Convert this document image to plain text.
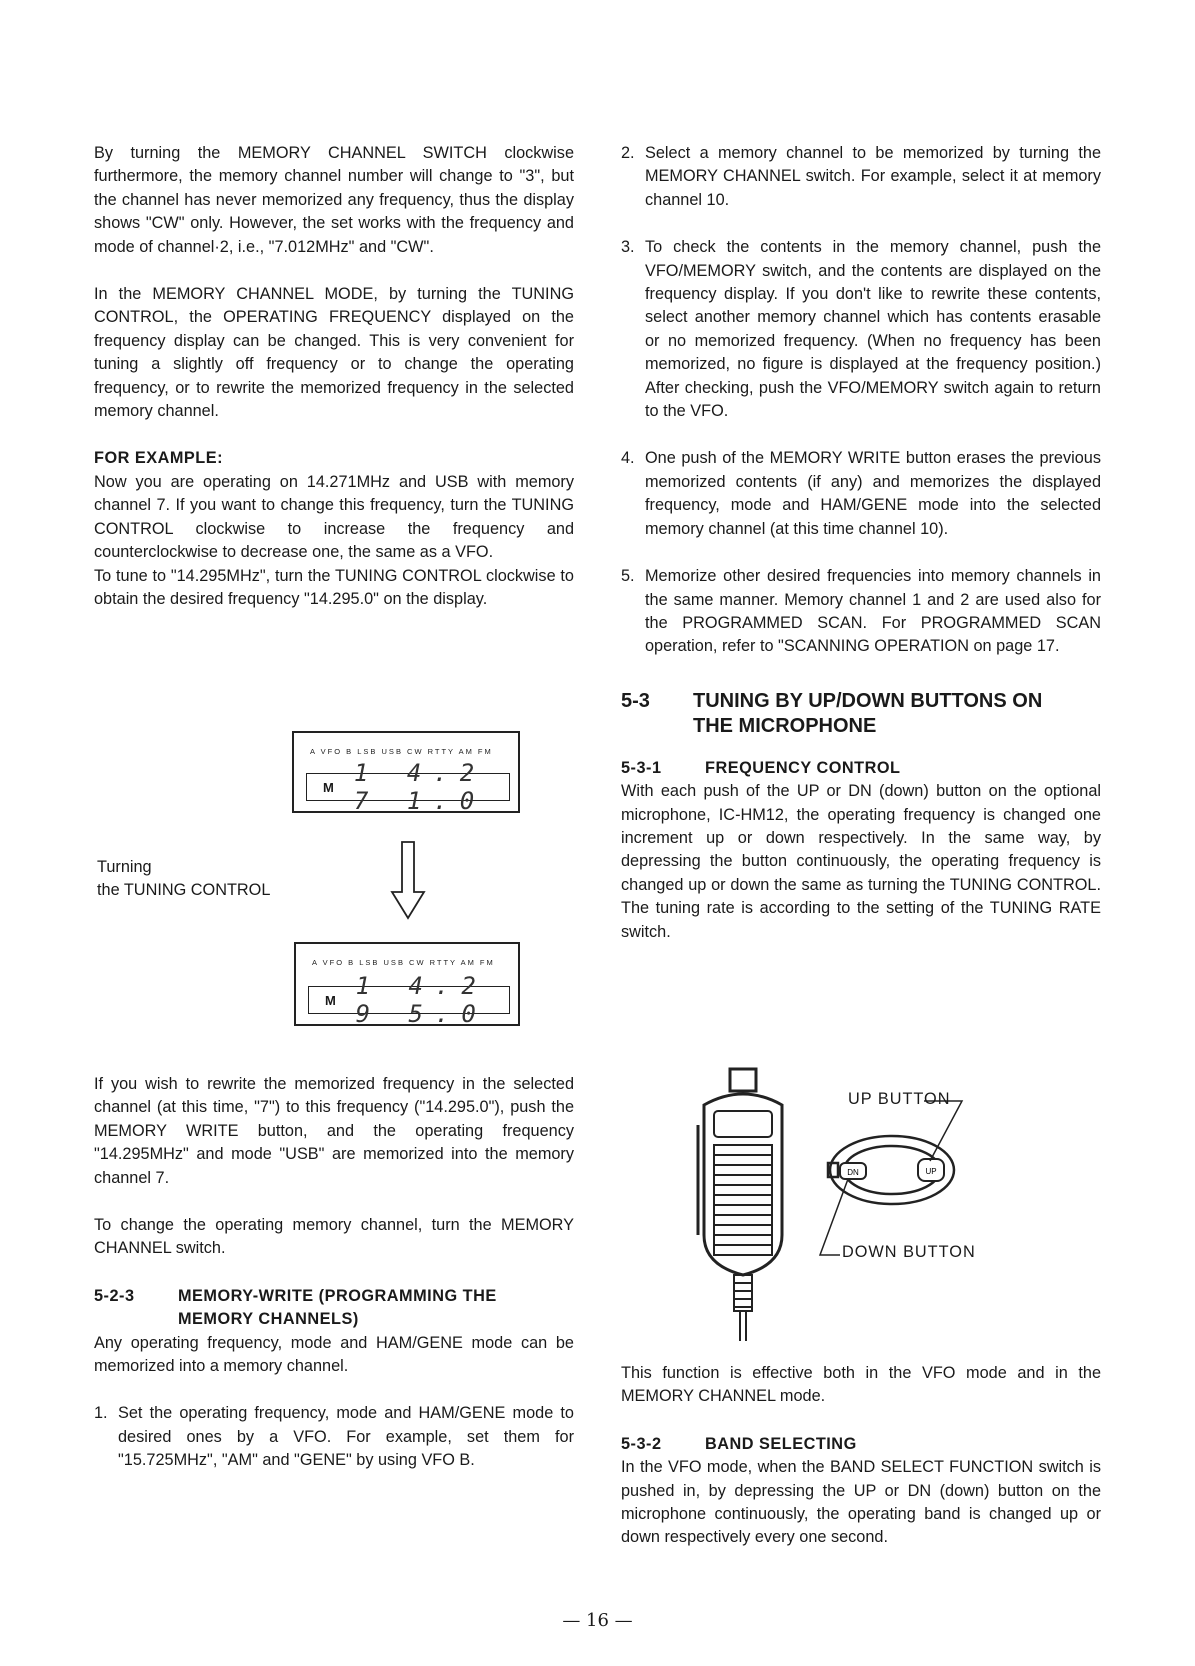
By turning the MEMORY CHANNEL SWITCH clockwise furthermore, the memory channel number will change to "3", but the channel has never memorized any frequency, thus the display shows "CW" only. However, the set works with the frequency and mode of channel·2, i.e., "7.012MHz" and "CW".

In the MEMORY CHANNEL MODE, by turning the TUNING CONTROL, the OPERATING FREQUENCY displayed on the frequency display can be changed. This is very convenient for tuning a slightly off frequency or to change the operating frequency, or to rewrite the memorized frequency in the selected memory channel.

FOR EXAMPLE:

Now you are operating on 14.271MHz and USB with memory channel 7. If you want to change this frequency, turn the TUNING CONTROL clockwise to increase the frequency and counterclockwise to decrease one, the same as a VFO.

To tune to "14.295MHz", turn the TUNING CONTROL clockwise to obtain the desired frequency "14.295.0" on the display.

A VFO B LSB USB CW RTTY AM FM
M 1 4.2 7 1.0
Turning
the TUNING CONTROL
A VFO B LSB USB CW RTTY AM FM
M 1 4.2 9 5.0

If you wish to rewrite the memorized frequency in the selected channel (at this time, "7") to this frequency ("14.295.0"), push the MEMORY WRITE button, and the operating frequency "14.295MHz" and mode "USB" are memorized into the memory channel 7.

To change the operating memory channel, turn the MEMORY CHANNEL switch.

5-2-3	MEMORY-WRITE (PROGRAMMING THE
MEMORY CHANNELS)

Any operating frequency, mode and HAM/GENE mode can be memorized into a memory channel.

1. Set the operating frequency, mode and HAM/GENE mode to desired ones by a VFO. For example, set them for "15.725MHz", "AM" and "GENE" by using VFO B.
2. Select a memory channel to be memorized by turning the MEMORY CHANNEL switch. For example, select it at memory channel 10.
3. To check the contents in the memory channel, push the VFO/MEMORY switch, and the contents are displayed on the frequency display. If you don't like to rewrite these contents, select another memory channel which has contents erasable or no memorized frequency. (When no frequency has been memorized, no figure is displayed at the frequency position.) After checking, push the VFO/MEMORY switch again to return to the VFO.
4. One push of the MEMORY WRITE button erases the previous memorized contents (if any) and memorizes the displayed frequency, mode and HAM/GENE mode into the selected memory channel (at this time channel 10).
5. Memorize other desired frequencies into memory channels in the same manner. Memory channel 1 and 2 are used also for the PROGRAMMED SCAN. For PROGRAMMED SCAN operation, refer to "SCANNING OPERATION on page 17.
5-3	TUNING BY UP/DOWN BUTTONS ON
THE MICROPHONE
5-3-1	FREQUENCY CONTROL

With each push of the UP or DN (down) button on the optional microphone, IC-HM12, the operating frequency is changed one increment up or down respectively. In the same way, by depressing the button continuously, the operating frequency is changed up or down the same as turning the TUNING CONTROL. The tuning rate is according to the setting of the TUNING RATE switch.

DN	UP
UP BUTTON
DOWN BUTTON

This function is effective both in the VFO mode and in the MEMORY CHANNEL mode.

5-3-2	BAND SELECTING

In the VFO mode, when the BAND SELECT FUNCTION switch is pushed in, by depressing the UP or DN (down) button on the microphone continuously, the operating band is changed up or down respectively every one second.

— 16 —
